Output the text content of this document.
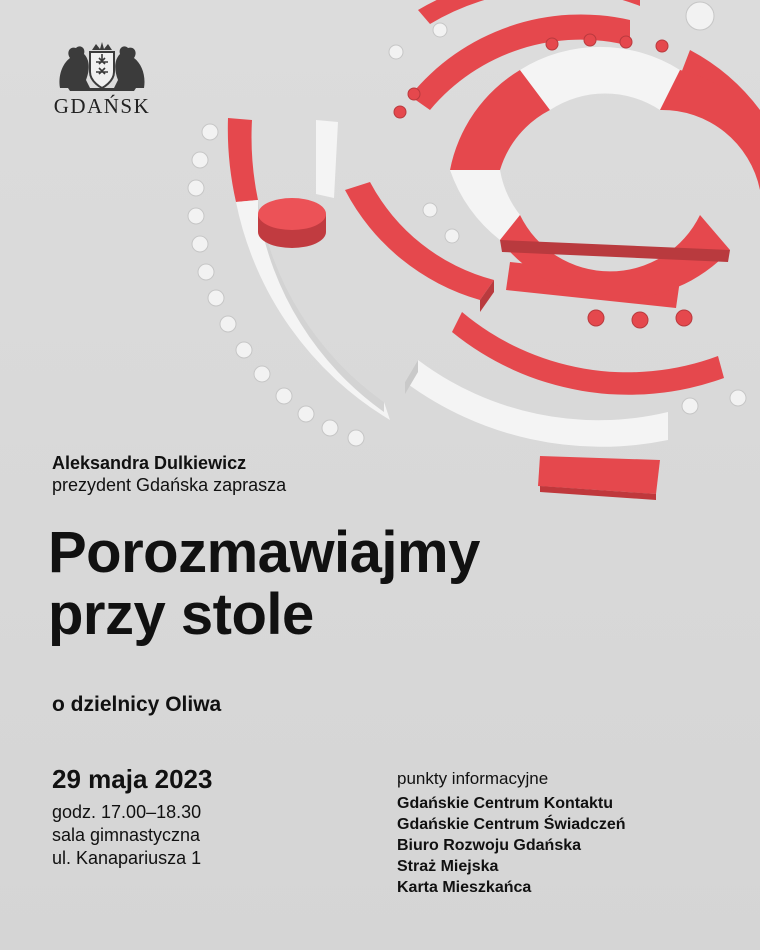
GDAŃSK
Aleksandra Dulkiewicz
prezydent Gdańska zaprasza
Porozmawiajmy
przy stole
o dzielnicy Oliwa
29 maja 2023
godz. 17.00–18.30
sala gimnastyczna
ul. Kanapariusza 1
punkty informacyjne
Gdańskie Centrum Kontaktu
Gdańskie Centrum Świadczeń
Biuro Rozwoju Gdańska
Straż Miejska
Karta Mieszkańca
